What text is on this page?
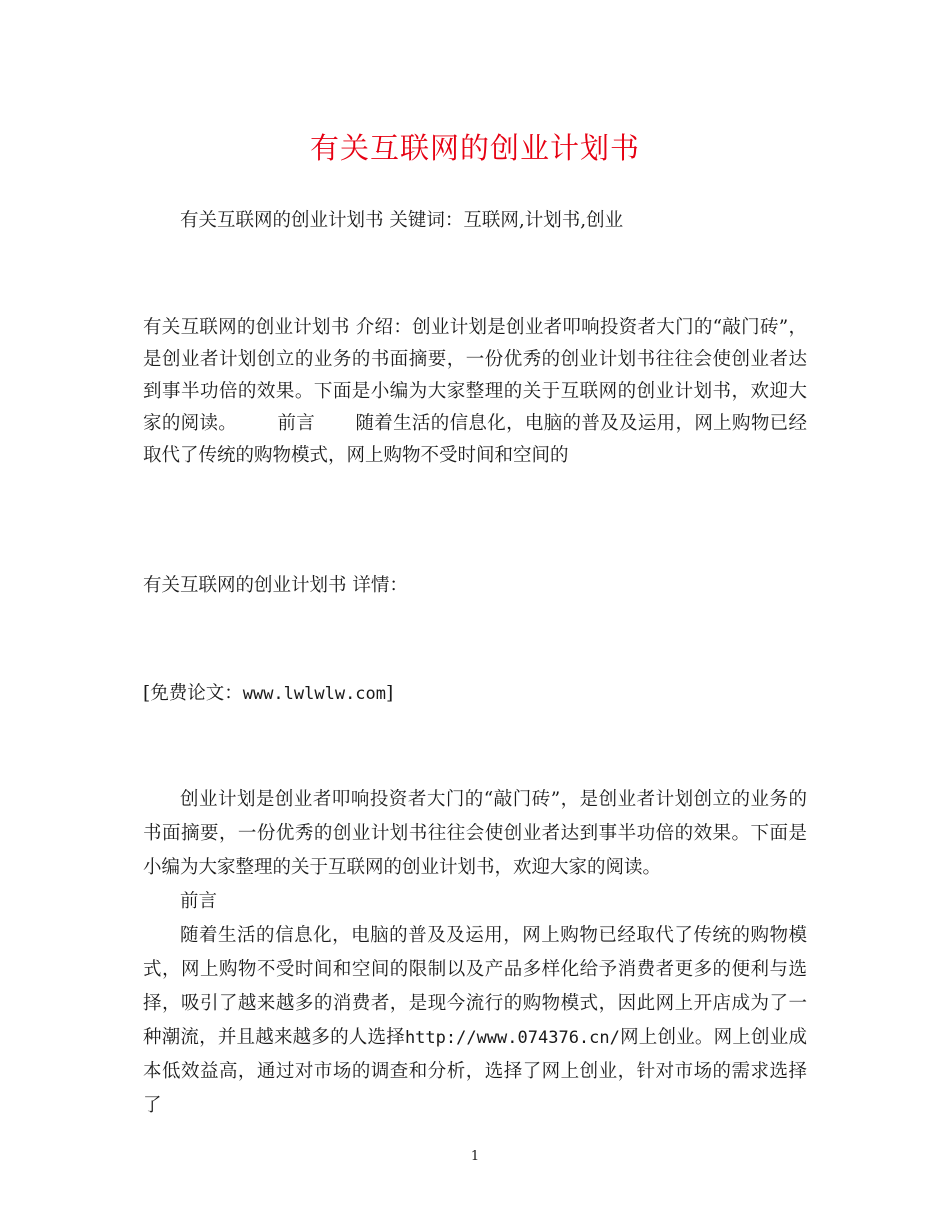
有关互联网的创业计划书

有关互联网的创业计划书 关键词：互联网,计划书,创业

有关互联网的创业计划书 介绍：创业计划是创业者叩响投资者大门的“敲门砖”，是创业者计划创立的业务的书面摘要，一份优秀的创业计划书往往会使创业者达到事半功倍的效果。下面是小编为大家整理的关于互联网的创业计划书，欢迎大家的阅读。 前言 随着生活的信息化，电脑的普及及运用，网上购物已经取代了传统的购物模式，网上购物不受时间和空间的

有关互联网的创业计划书 详情：

[免费论文：www.lwlwlw.com]

创业计划是创业者叩响投资者大门的“敲门砖”，是创业者计划创立的业务的书面摘要，一份优秀的创业计划书往往会使创业者达到事半功倍的效果。下面是小编为大家整理的关于互联网的创业计划书，欢迎大家的阅读。

前言

随着生活的信息化，电脑的普及及运用，网上购物已经取代了传统的购物模式，网上购物不受时间和空间的限制以及产品多样化给予消费者更多的便利与选择，吸引了越来越多的消费者，是现今流行的购物模式，因此网上开店成为了一种潮流，并且越来越多的人选择http://www.074376.cn/网上创业。网上创业成本低效益高，通过对市场的调查和分析，选择了网上创业，针对市场的需求选择了

1
